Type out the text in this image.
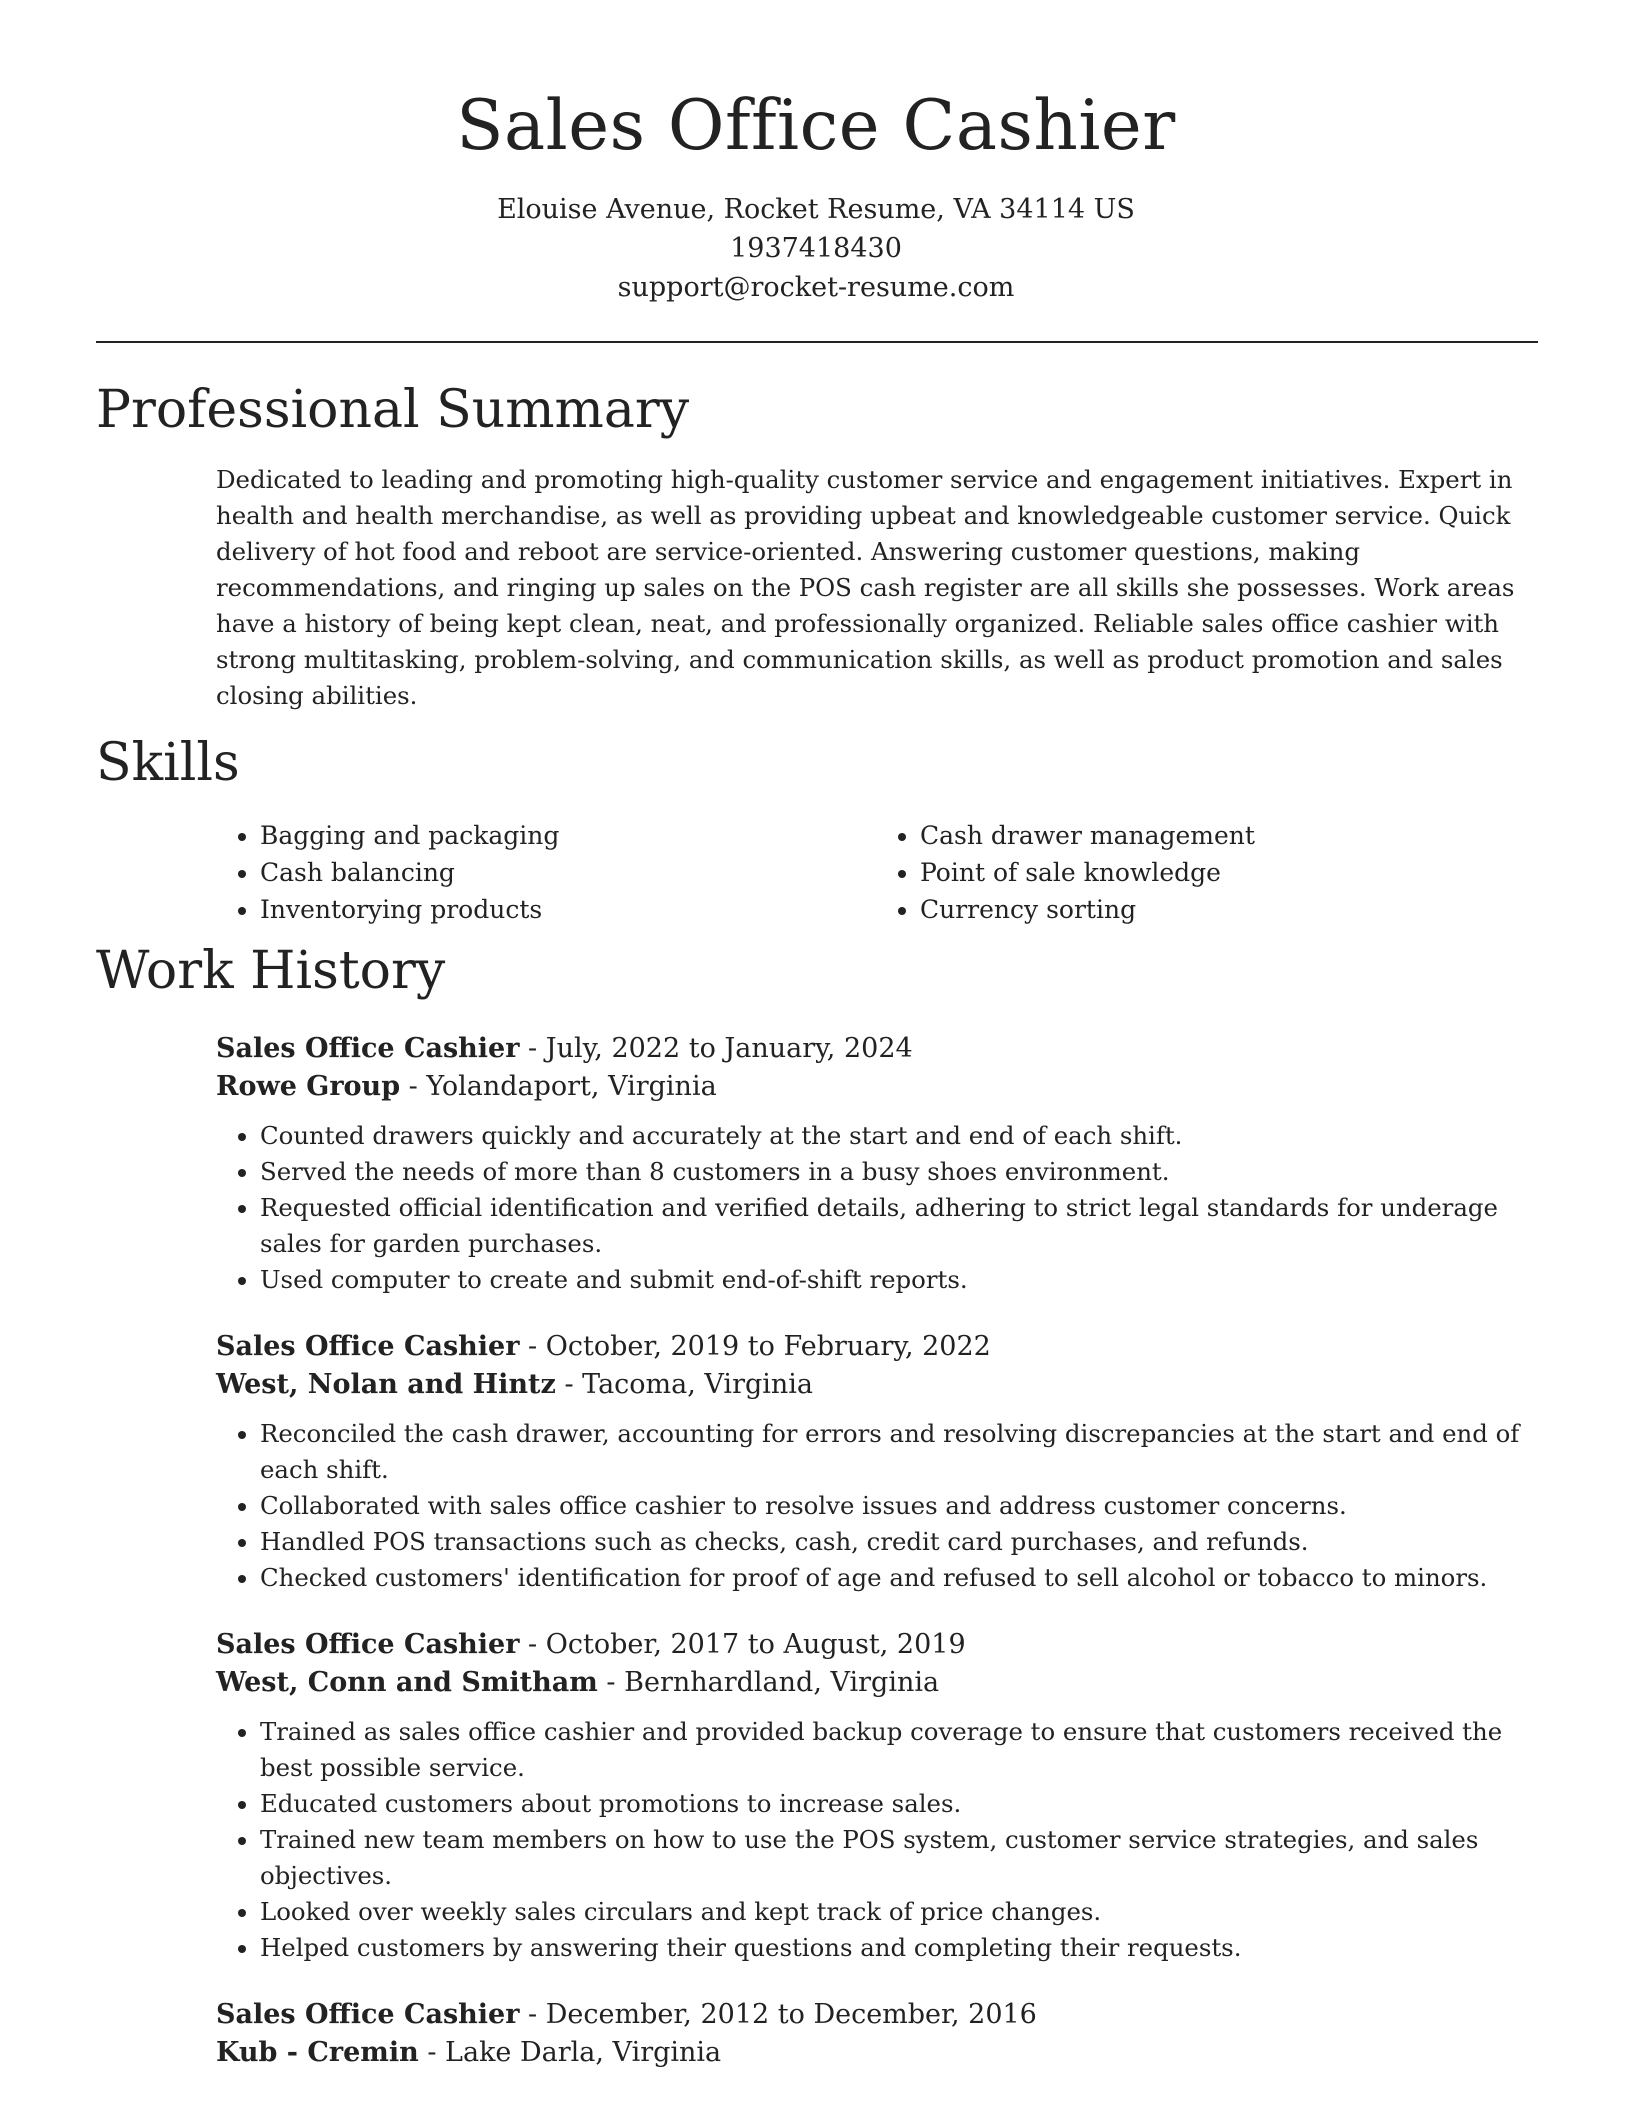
Sales Office Cashier
Elouise Avenue, Rocket Resume, VA 34114 US
1937418430
support@rocket-resume.com
Professional Summary

Dedicated to leading and promoting high-quality customer service and engagement initiatives. Expert in health and health merchandise, as well as providing upbeat and knowledgeable customer service. Quick delivery of hot food and reboot are service-oriented. Answering customer questions, making recommendations, and ringing up sales on the POS cash register are all skills she possesses. Work areas have a history of being kept clean, neat, and professionally organized. Reliable sales office cashier with strong multitasking, problem-solving, and communication skills, as well as product promotion and sales closing abilities.

Skills
• Bagging and packaging
• Cash balancing
• Inventorying products
• Cash drawer management
• Point of sale knowledge
• Currency sorting
Work History
Sales Office Cashier - July, 2022 to January, 2024
Rowe Group - Yolandaport, Virginia
• Counted drawers quickly and accurately at the start and end of each shift.
• Served the needs of more than 8 customers in a busy shoes environment.
• Requested official identification and verified details, adhering to strict legal standards for underage sales for garden purchases.
• Used computer to create and submit end-of-shift reports.
Sales Office Cashier - October, 2019 to February, 2022
West, Nolan and Hintz - Tacoma, Virginia
• Reconciled the cash drawer, accounting for errors and resolving discrepancies at the start and end of each shift.
• Collaborated with sales office cashier to resolve issues and address customer concerns.
• Handled POS transactions such as checks, cash, credit card purchases, and refunds.
• Checked customers' identification for proof of age and refused to sell alcohol or tobacco to minors.
Sales Office Cashier - October, 2017 to August, 2019
West, Conn and Smitham - Bernhardland, Virginia
• Trained as sales office cashier and provided backup coverage to ensure that customers received the best possible service.
• Educated customers about promotions to increase sales.
• Trained new team members on how to use the POS system, customer service strategies, and sales objectives.
• Looked over weekly sales circulars and kept track of price changes.
• Helped customers by answering their questions and completing their requests.
Sales Office Cashier - December, 2012 to December, 2016
Kub - Cremin - Lake Darla, Virginia
